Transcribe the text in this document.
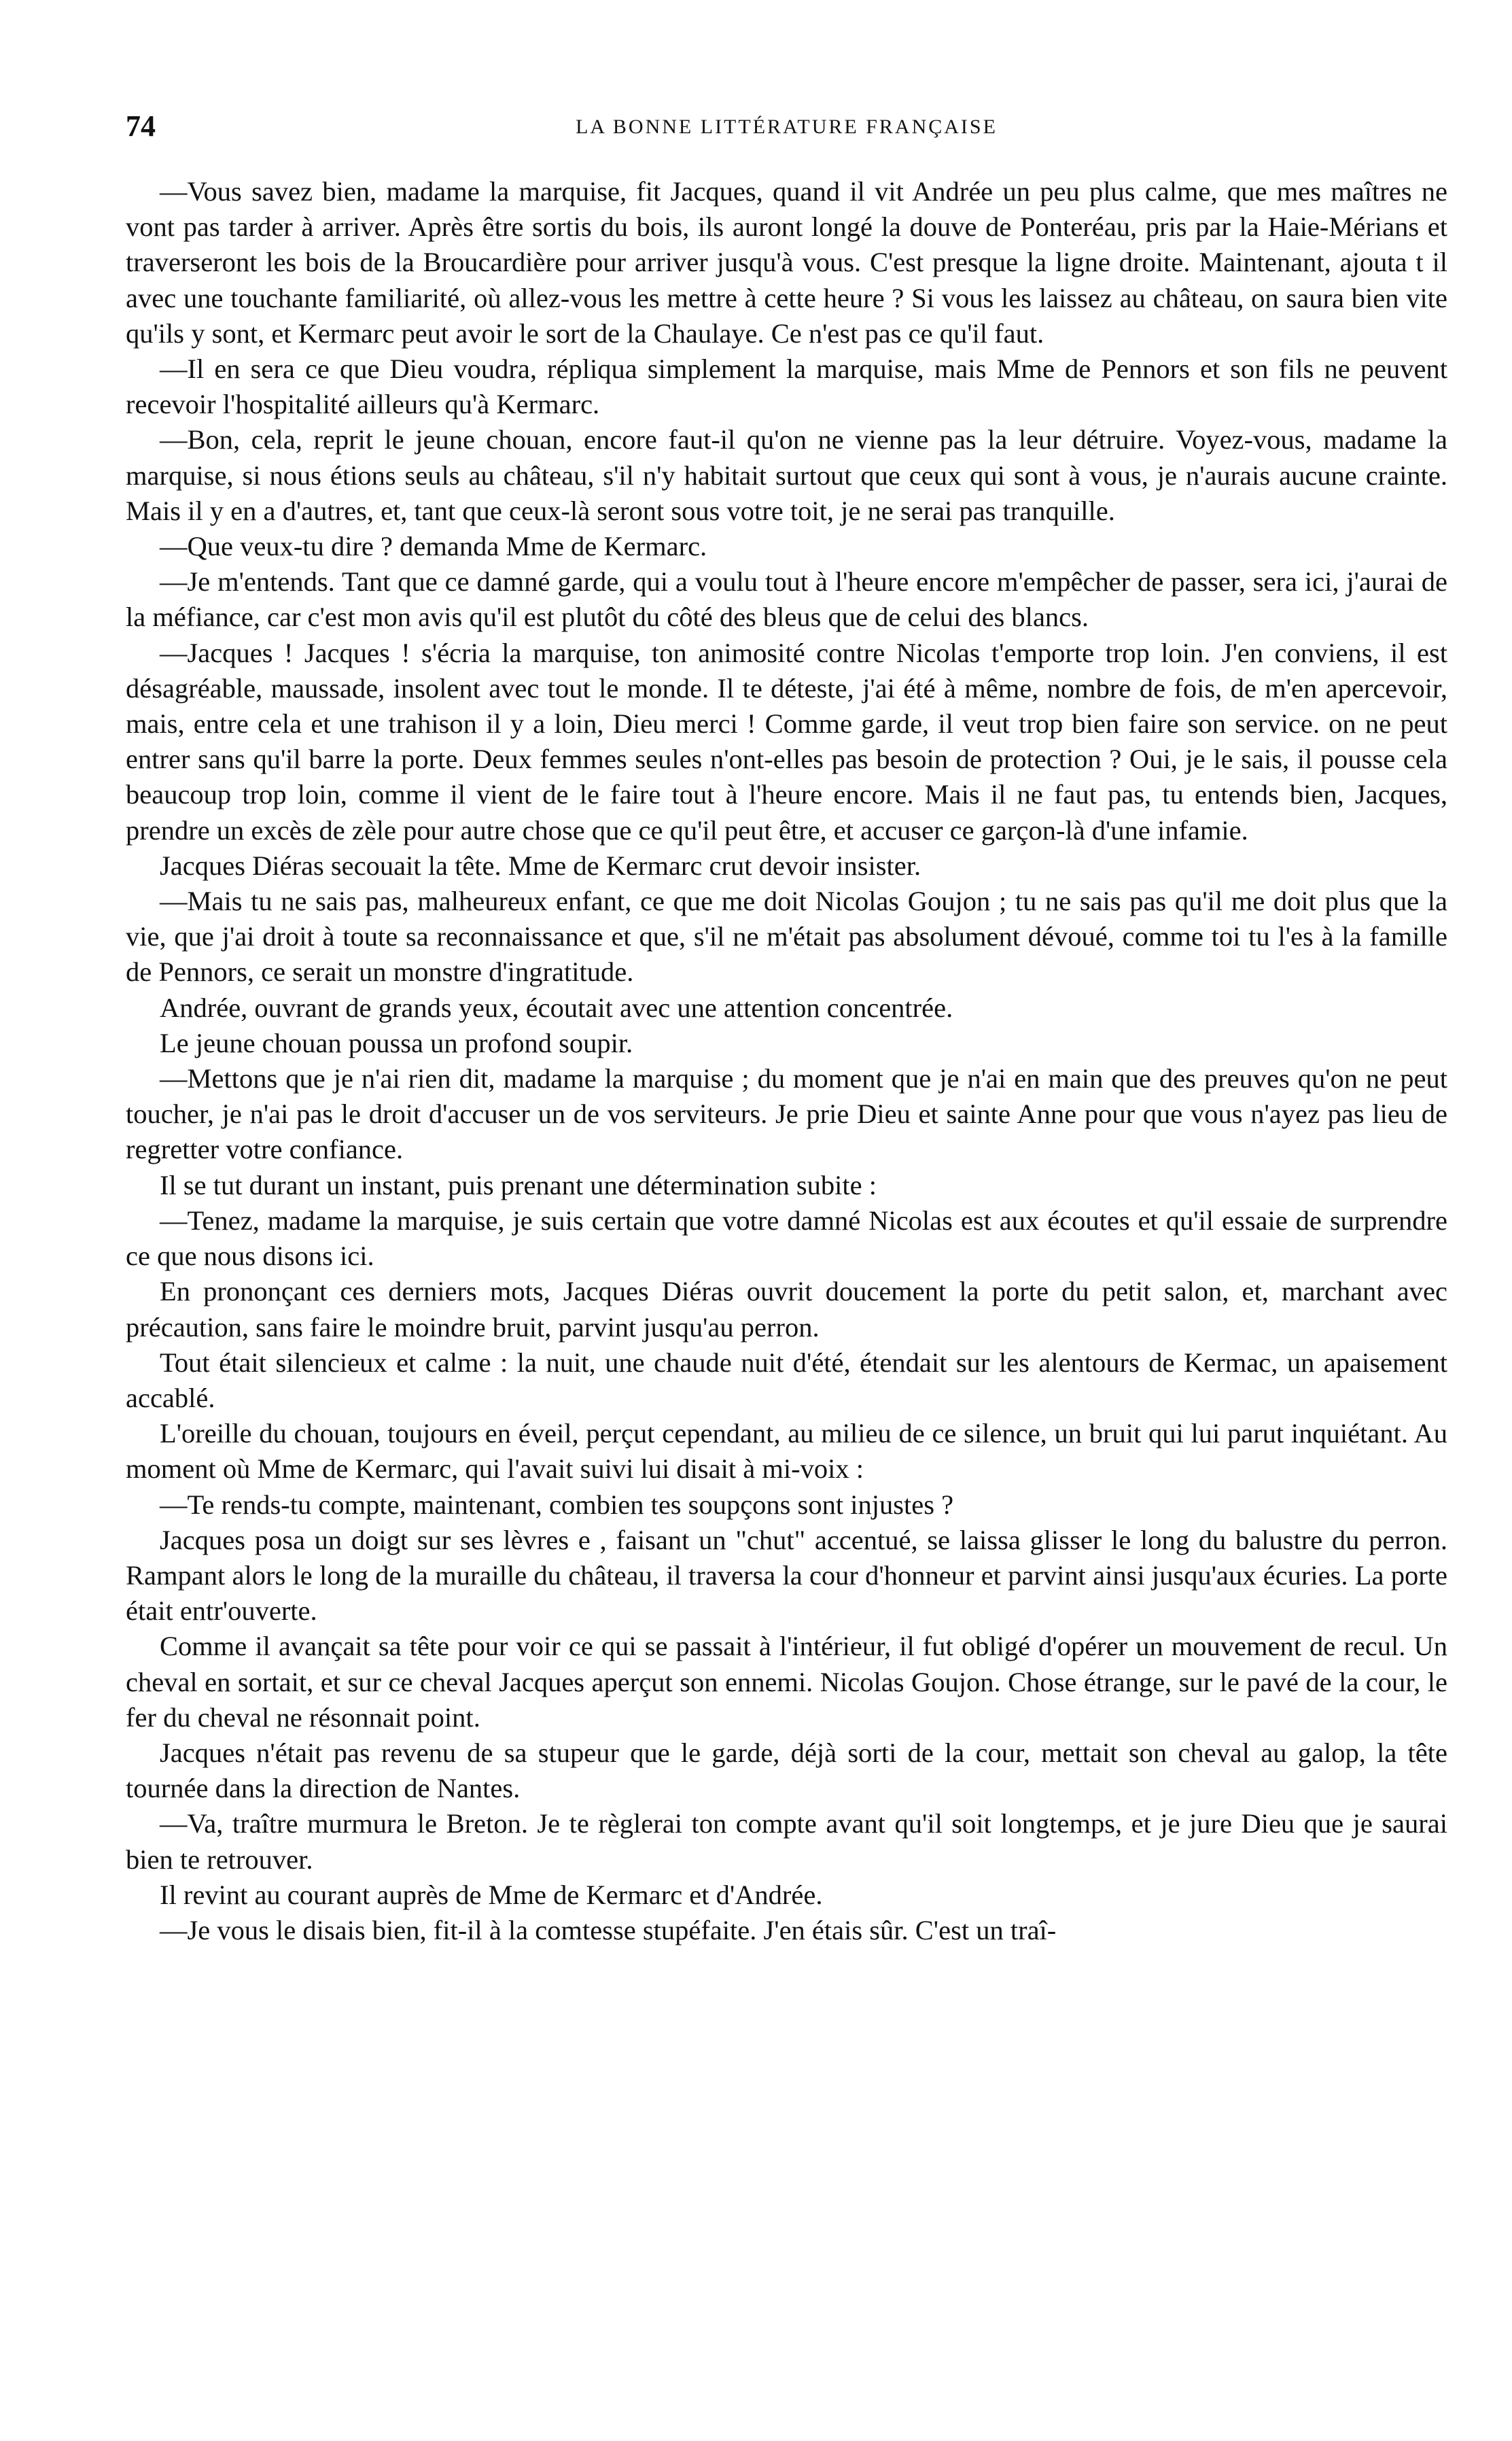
74	LA BONNE LITTÉRATURE FRANÇAISE

—Vous savez bien, madame la marquise, fit Jacques, quand il vit Andrée un peu plus calme, que mes maîtres ne vont pas tarder à arriver. Après être sortis du bois, ils auront longé la douve de Ponteréau, pris par la Haie-Mérians et traverseront les bois de la Broucardière pour arriver jusqu'à vous. C'est presque la ligne droite. Maintenant, ajouta t il avec une touchante familiarité, où allez-vous les mettre à cette heure ? Si vous les laissez au château, on saura bien vite qu'ils y sont, et Kermarc peut avoir le sort de la Chaulaye. Ce n'est pas ce qu'il faut.

—Il en sera ce que Dieu voudra, répliqua simplement la marquise, mais Mme de Pennors et son fils ne peuvent recevoir l'hospitalité ailleurs qu'à Kermarc.

—Bon, cela, reprit le jeune chouan, encore faut-il qu'on ne vienne pas la leur détruire. Voyez-vous, madame la marquise, si nous étions seuls au château, s'il n'y habitait surtout que ceux qui sont à vous, je n'aurais aucune crainte. Mais il y en a d'autres, et, tant que ceux-là seront sous votre toit, je ne serai pas tranquille.

—Que veux-tu dire ? demanda Mme de Kermarc.

—Je m'entends. Tant que ce damné garde, qui a voulu tout à l'heure encore m'empêcher de passer, sera ici, j'aurai de la méfiance, car c'est mon avis qu'il est plutôt du côté des bleus que de celui des blancs.

—Jacques ! Jacques ! s'écria la marquise, ton animosité contre Nicolas t'emporte trop loin. J'en conviens, il est désagréable, maussade, insolent avec tout le monde. Il te déteste, j'ai été à même, nombre de fois, de m'en apercevoir, mais, entre cela et une trahison il y a loin, Dieu merci ! Comme garde, il veut trop bien faire son service. on ne peut entrer sans qu'il barre la porte. Deux femmes seules n'ont-elles pas besoin de protection ? Oui, je le sais, il pousse cela beaucoup trop loin, comme il vient de le faire tout à l'heure encore. Mais il ne faut pas, tu entends bien, Jacques, prendre un excès de zèle pour autre chose que ce qu'il peut être, et accuser ce garçon-là d'une infamie.

Jacques Diéras secouait la tête. Mme de Kermarc crut devoir insister.

—Mais tu ne sais pas, malheureux enfant, ce que me doit Nicolas Goujon ; tu ne sais pas qu'il me doit plus que la vie, que j'ai droit à toute sa reconnaissance et que, s'il ne m'était pas absolument dévoué, comme toi tu l'es à la famille de Pennors, ce serait un monstre d'ingratitude.

Andrée, ouvrant de grands yeux, écoutait avec une attention concentrée.

Le jeune chouan poussa un profond soupir.

—Mettons que je n'ai rien dit, madame la marquise ; du moment que je n'ai en main que des preuves qu'on ne peut toucher, je n'ai pas le droit d'accuser un de vos serviteurs. Je prie Dieu et sainte Anne pour que vous n'ayez pas lieu de regretter votre confiance.

Il se tut durant un instant, puis prenant une détermination subite :

—Tenez, madame la marquise, je suis certain que votre damné Nicolas est aux écoutes et qu'il essaie de surprendre ce que nous disons ici.

En prononçant ces derniers mots, Jacques Diéras ouvrit doucement la porte du petit salon, et, marchant avec précaution, sans faire le moindre bruit, parvint jusqu'au perron.

Tout était silencieux et calme : la nuit, une chaude nuit d'été, étendait sur les alentours de Kermac, un apaisement accablé.

L'oreille du chouan, toujours en éveil, perçut cependant, au milieu de ce silence, un bruit qui lui parut inquiétant. Au moment où Mme de Kermarc, qui l'avait suivi lui disait à mi-voix :

—Te rends-tu compte, maintenant, combien tes soupçons sont injustes ?

Jacques posa un doigt sur ses lèvres e , faisant un "chut" accentué, se laissa glisser le long du balustre du perron. Rampant alors le long de la muraille du château, il traversa la cour d'honneur et parvint ainsi jusqu'aux écuries. La porte était entr'ouverte.

Comme il avançait sa tête pour voir ce qui se passait à l'intérieur, il fut obligé d'opérer un mouvement de recul. Un cheval en sortait, et sur ce cheval Jacques aperçut son ennemi. Nicolas Goujon. Chose étrange, sur le pavé de la cour, le fer du cheval ne résonnait point.

Jacques n'était pas revenu de sa stupeur que le garde, déjà sorti de la cour, mettait son cheval au galop, la tête tournée dans la direction de Nantes.

—Va, traître murmura le Breton. Je te règlerai ton compte avant qu'il soit longtemps, et je jure Dieu que je saurai bien te retrouver.

Il revint au courant auprès de Mme de Kermarc et d'Andrée.

—Je vous le disais bien, fit-il à la comtesse stupéfaite. J'en étais sûr. C'est un traî-
